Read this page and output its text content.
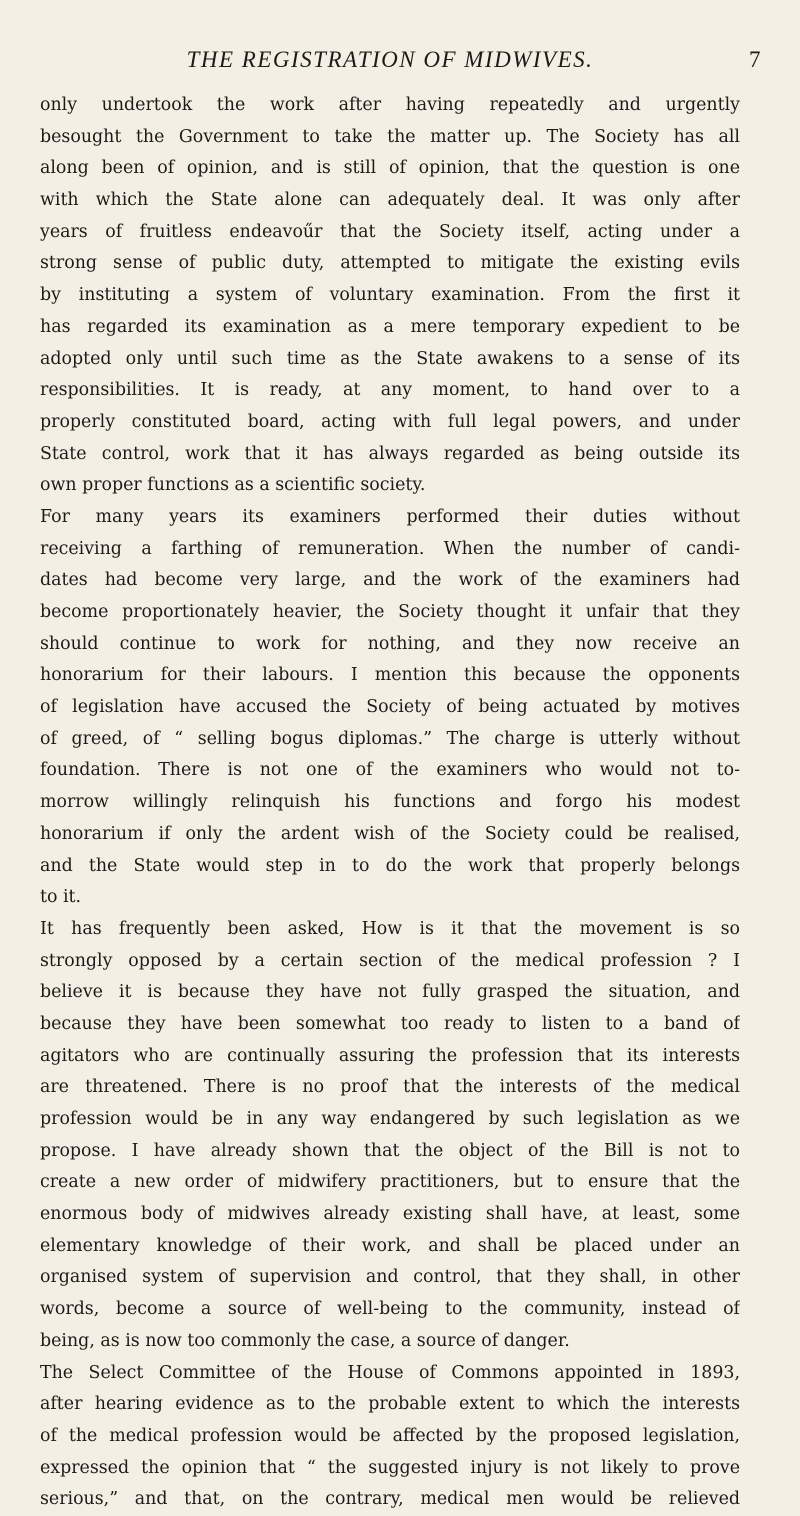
THE REGISTRATION OF MIDWIVES.	7
only undertook the work after having repeatedly and urgently
besought the Government to take the matter up. The Society has all
along been of opinion, and is still of opinion, that the question is one
with which the State alone can adequately deal. It was only after
years of fruitless endeavoűr that the Society itself, acting under a
strong sense of public duty, attempted to mitigate the existing evils
by instituting a system of voluntary examination. From the first it
has regarded its examination as a mere temporary expedient to be
adopted only until such time as the State awakens to a sense of its
responsibilities. It is ready, at any moment, to hand over to a
properly constituted board, acting with full legal powers, and under
State control, work that it has always regarded as being outside its
own proper functions as a scientific society.
For many years its examiners performed their duties without
receiving a farthing of remuneration. When the number of candi-
dates had become very large, and the work of the examiners had
become proportionately heavier, the Society thought it unfair that they
should continue to work for nothing, and they now receive an
honorarium for their labours. I mention this because the opponents
of legislation have accused the Society of being actuated by motives
of greed, of “ selling bogus diplomas.” The charge is utterly without
foundation. There is not one of the examiners who would not to-
morrow willingly relinquish his functions and forgo his modest
honorarium if only the ardent wish of the Society could be realised,
and the State would step in to do the work that properly belongs
to it.
It has frequently been asked, How is it that the movement is so
strongly opposed by a certain section of the medical profession ? I
believe it is because they have not fully grasped the situation, and
because they have been somewhat too ready to listen to a band of
agitators who are continually assuring the profession that its interests
are threatened. There is no proof that the interests of the medical
profession would be in any way endangered by such legislation as we
propose. I have already shown that the object of the Bill is not to
create a new order of midwifery practitioners, but to ensure that the
enormous body of midwives already existing shall have, at least, some
elementary knowledge of their work, and shall be placed under an
organised system of supervision and control, that they shall, in other
words, become a source of well-being to the community, instead of
being, as is now too commonly the case, a source of danger.
The Select Committee of the House of Commons appointed in 1893,
after hearing evidence as to the probable extent to which the interests
of the medical profession would be affected by the proposed legislation,
expressed the opinion that “ the suggested injury is not likely to prove
serious,” and that, on the contrary, medical men would be relieved
